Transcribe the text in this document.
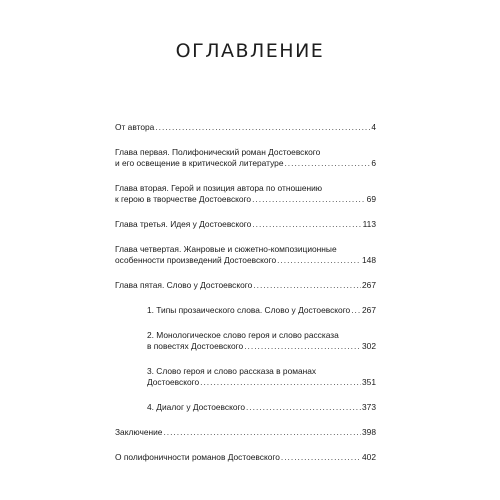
ОГЛАВЛЕНИЕ
От автора .....	4
Глава первая. Полифонический роман Достоевского
и его освещение в критической литературе .....	6
Глава вторая. Герой и позиция автора по отношению
к герою в творчестве Достоевского .....	69
Глава третья. Идея у Достоевского .....	113
Глава четвертая. Жанровые и сюжетно-композиционные
особенности произведений Достоевского .....	148
Глава пятая. Слово у Достоевского .....	267
1. Типы прозаического слова. Слово у Достоевского ..... 267
2. Монологическое слово героя и слово рассказа
в повестях Достоевского .....	302
3. Слово героя и слово рассказа в романах
Достоевского .....	351
4. Диалог у Достоевского .....	373
Заключение .....	398
О полифоничности романов Достоевского .....	402
